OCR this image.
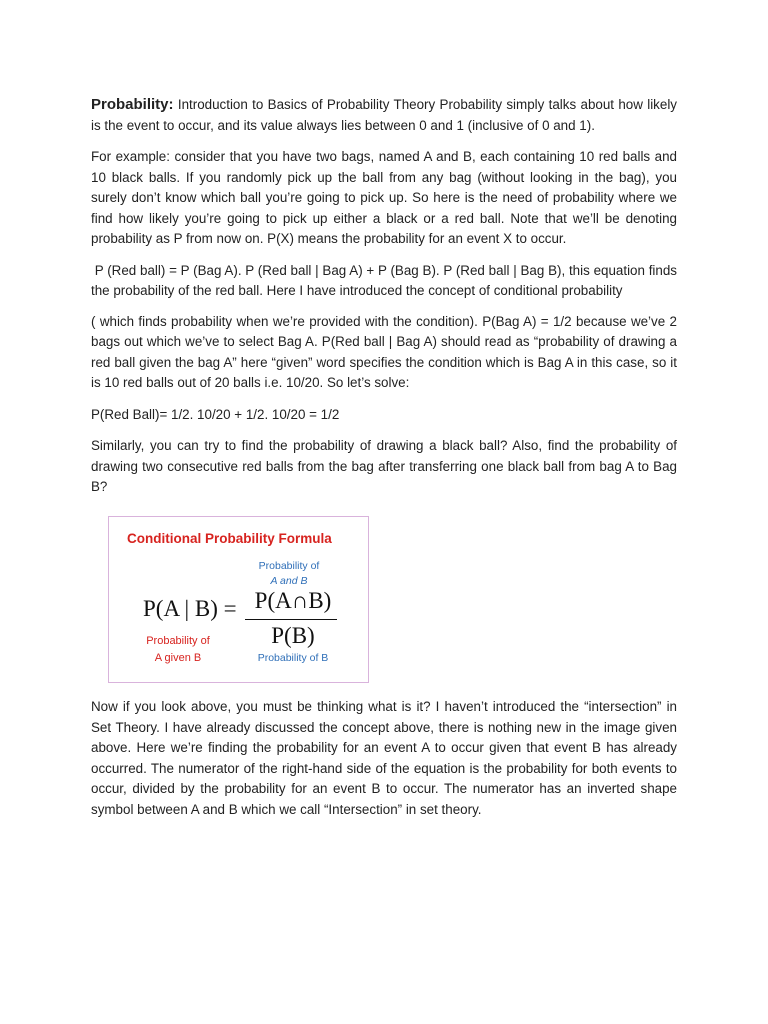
Probability: Introduction to Basics of Probability Theory Probability simply talks about how likely is the event to occur, and its value always lies between 0 and 1 (inclusive of 0 and 1).

For example: consider that you have two bags, named A and B, each containing 10 red balls and 10 black balls. If you randomly pick up the ball from any bag (without looking in the bag), you surely don’t know which ball you’re going to pick up. So here is the need of probability where we find how likely you’re going to pick up either a black or a red ball. Note that we’ll be denoting probability as P from now on. P(X) means the probability for an event X to occur.

P (Red ball) = P (Bag A). P (Red ball | Bag A) + P (Bag B). P (Red ball | Bag B), this equation finds the probability of the red ball. Here I have introduced the concept of conditional probability

( which finds probability when we’re provided with the condition). P(Bag A) = 1/2 because we’ve 2 bags out which we’ve to select Bag A. P(Red ball | Bag A) should read as “probability of drawing a red ball given the bag A” here “given” word specifies the condition which is Bag A in this case, so it is 10 red balls out of 20 balls i.e. 10/20. So let’s solve:

P(Red Ball)= 1/2. 10/20 + 1/2. 10/20 = 1/2

Similarly, you can try to find the probability of drawing a black ball? Also, find the probability of drawing two consecutive red balls from the bag after transferring one black ball from bag A to Bag B?

Conditional Probability Formula
Probability of
A and B
P(A | B) = P(A∩B)
P(B)
Probability of
A given B	Probability of B

Now if you look above, you must be thinking what is it? I haven’t introduced the “intersection” in Set Theory. I have already discussed the concept above, there is nothing new in the image given above. Here we’re finding the probability for an event A to occur given that event B has already occurred. The numerator of the right-hand side of the equation is the probability for both events to occur, divided by the probability for an event B to occur. The numerator has an inverted shape symbol between A and B which we call “Intersection” in set theory.
